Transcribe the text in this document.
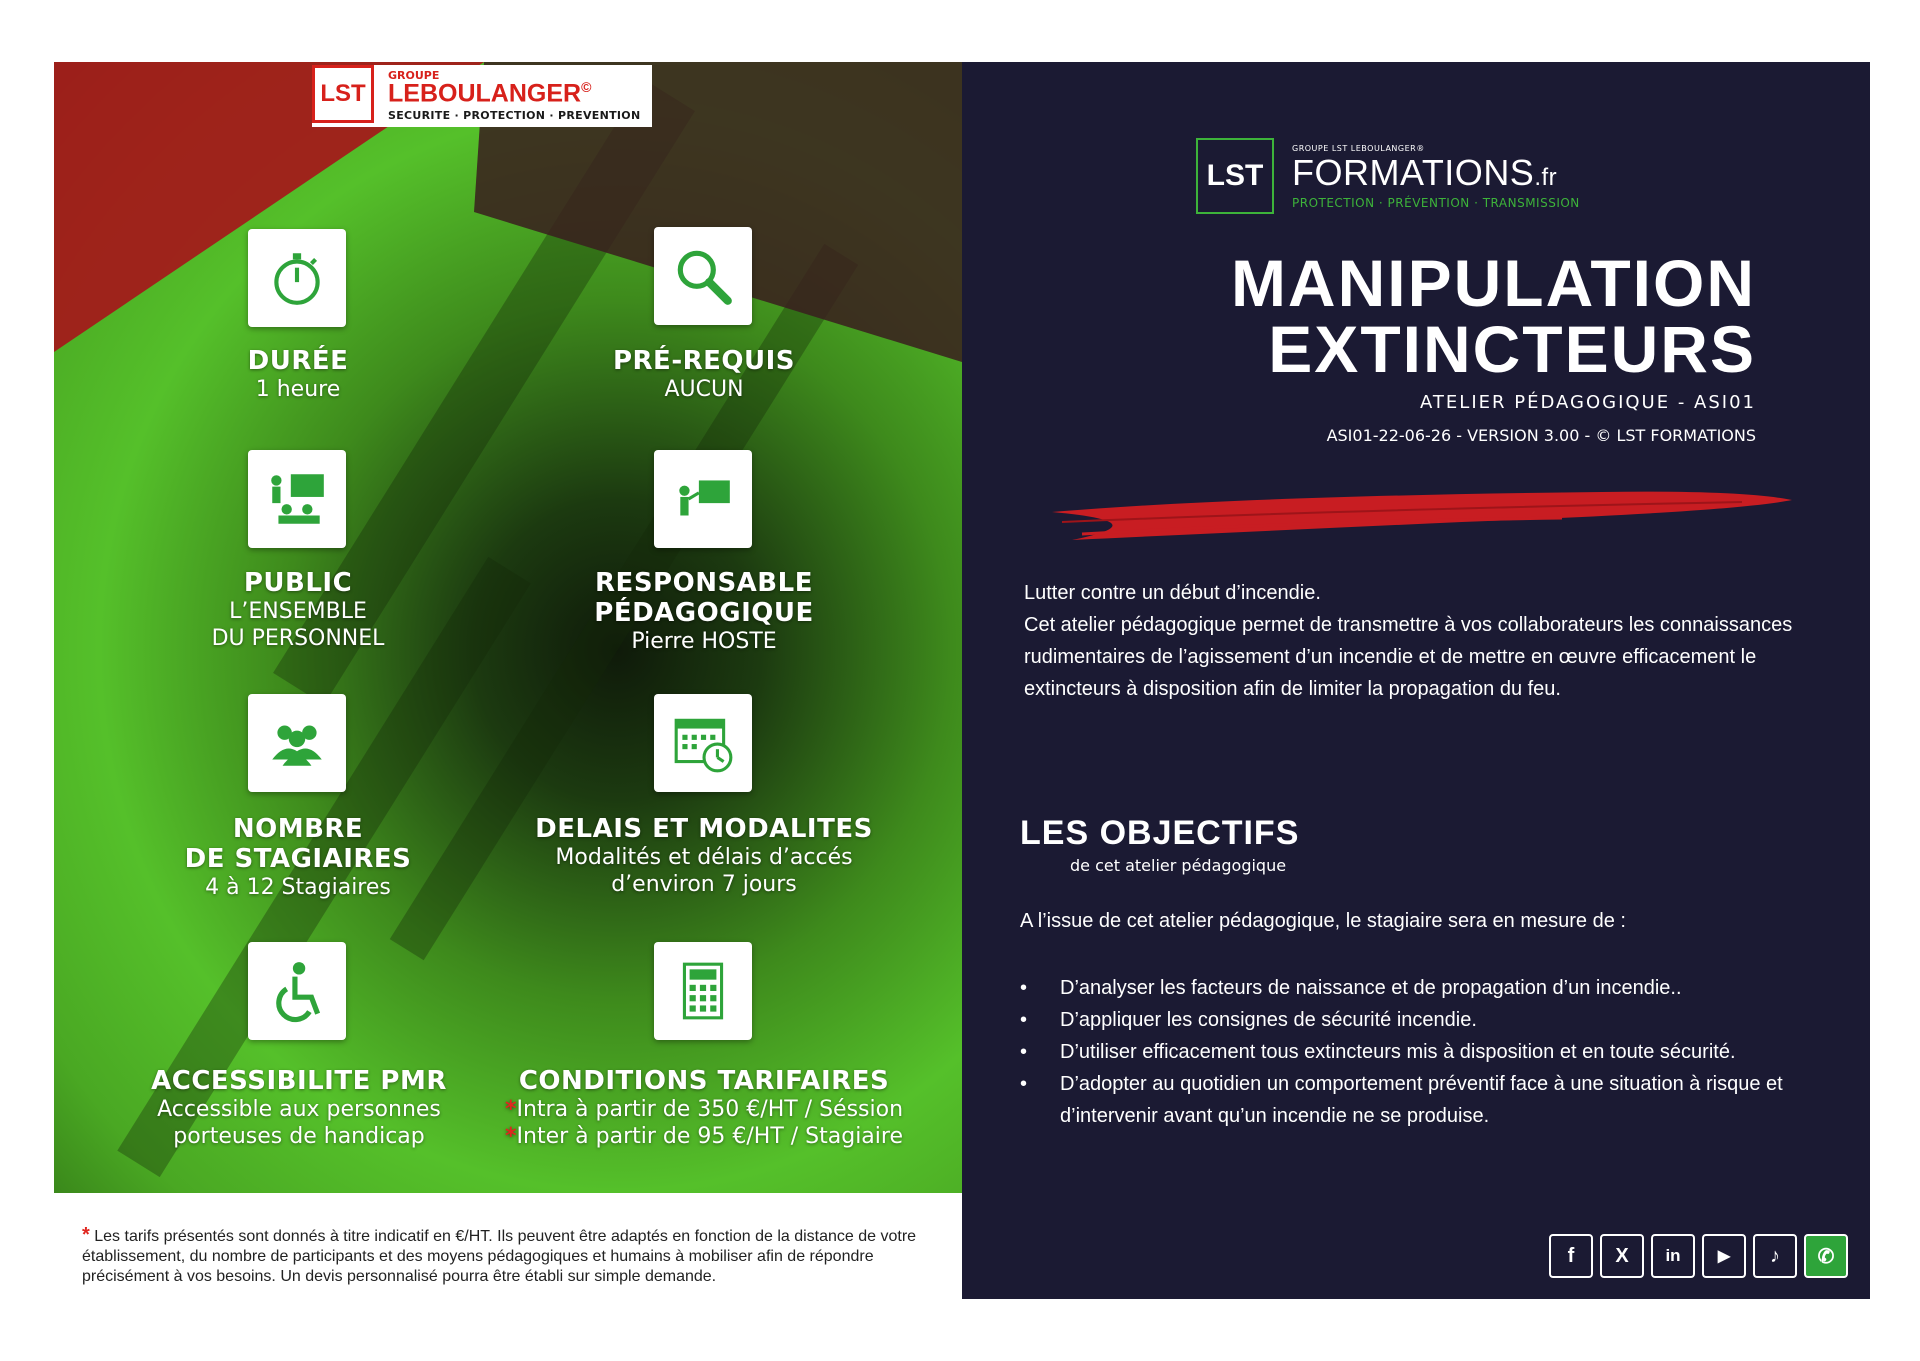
DURÉE
1 heure
PRÉ-REQUIS
AUCUN
PUBLIC
L’ENSEMBLE
DU PERSONNEL
RESPONSABLE
PÉDAGOGIQUE
Pierre HOSTE
NOMBRE
DE STAGIAIRES
4 à 12 Stagiaires
DELAIS ET MODALITES
Modalités et délais d’accés
d’environ 7 jours
ACCESSIBILITE PMR
Accessible aux personnes
porteuses de handicap
CONDITIONS TARIFAIRES
*Intra à partir de 350 €/HT / Séssion
*Inter à partir de 95 €/HT / Stagiaire
LST
GROUPE
LEBOULANGER©
SECURITE · PROTECTION · PREVENTION
* Les tarifs présentés sont donnés à titre indicatif en €/HT. Ils peuvent être adaptés en fonction de la distance de votre établissement, du nombre de participants et des moyens pédagogiques et humains à mobiliser afin de répondre précisément à vos besoins. Un devis personnalisé pourra être établi sur simple demande.
LST
GROUPE LST LEBOULANGER®
FORMATIONS.fr
PROTECTION · PRÉVENTION · TRANSMISSION
MANIPULATION
EXTINCTEURS
ATELIER PÉDAGOGIQUE - ASI01
ASI01-22-06-26 - VERSION 3.00 - © LST FORMATIONS
Lutter contre un début d’incendie.
Cet atelier pédagogique permet de transmettre à vos collaborateurs les connaissances rudimentaires de l’agissement d’un incendie et de mettre en œuvre efficacement le extincteurs à disposition afin de limiter la propagation du feu.
LES OBJECTIFS
de cet atelier pédagogique
A l’issue de cet atelier pédagogique, le stagiaire sera en mesure de :
• D’analyser les facteurs de naissance et de propagation d’un incendie..
• D’appliquer les consignes de sécurité incendie.
• D’utiliser efficacement tous extincteurs mis à disposition et en toute sécurité.
• D’adopter au quotidien un comportement préventif face à une situation à risque et d’intervenir avant qu’un incendie ne se produise.
f	X	in	▶	♪	✆
